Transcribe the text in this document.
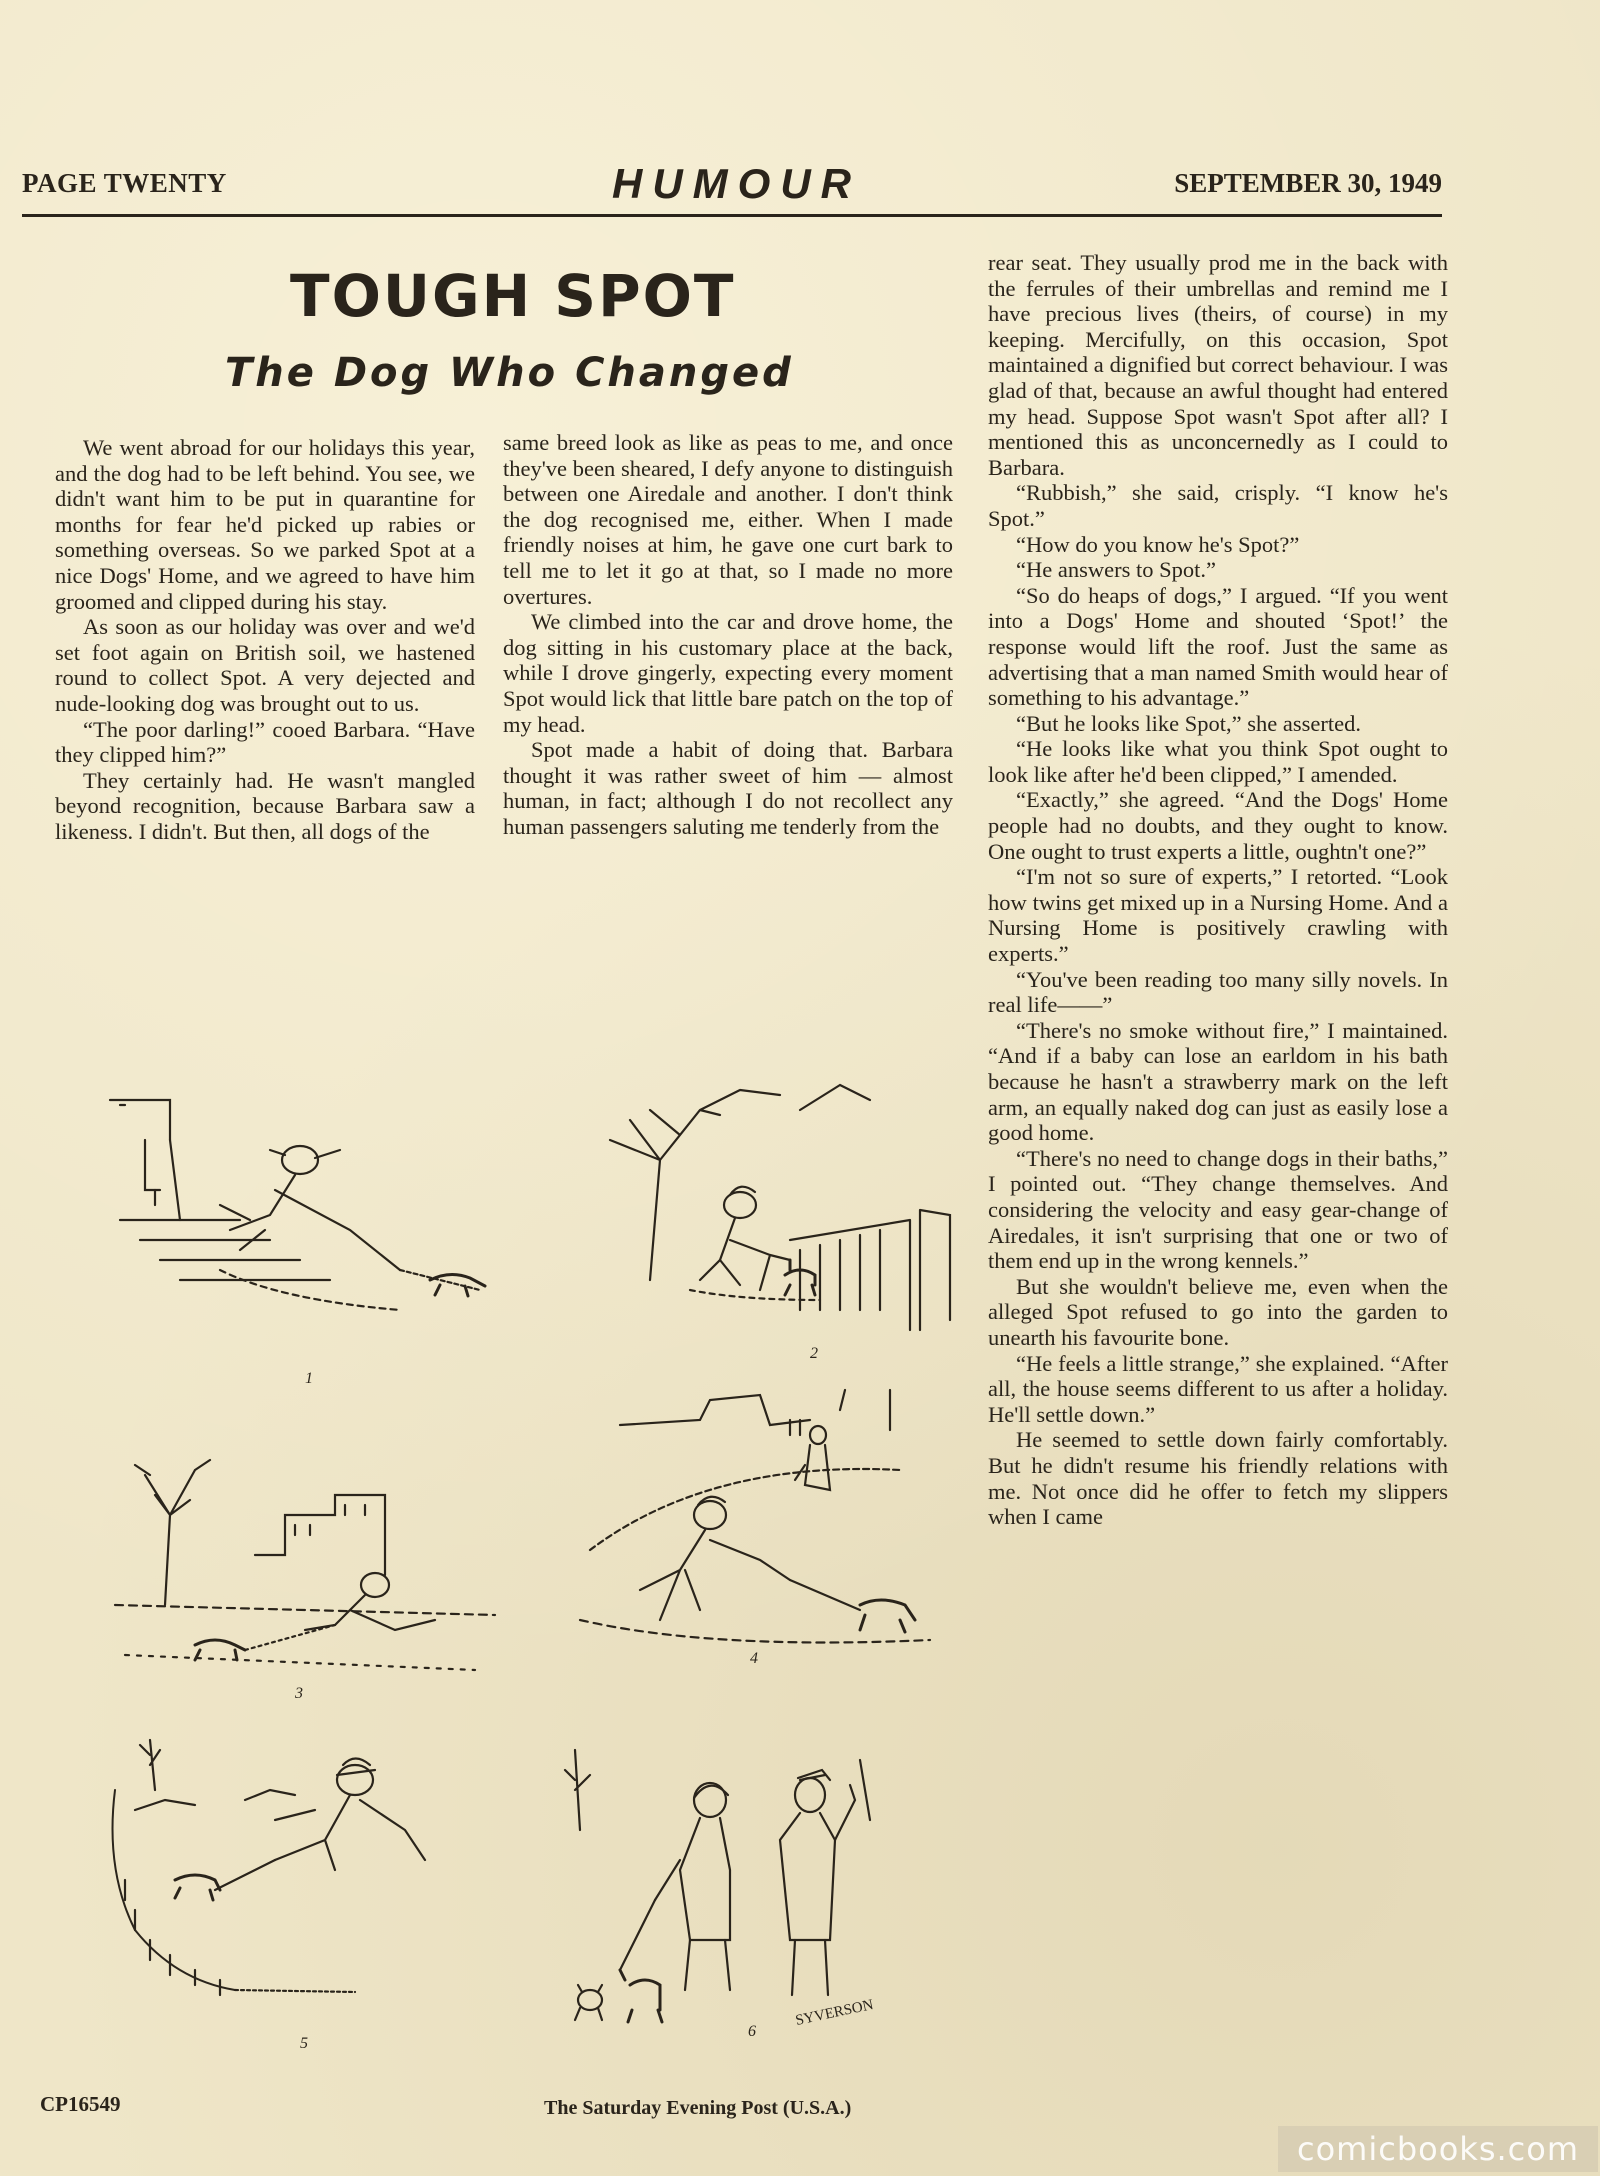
PAGE TWENTY	HUMOUR	SEPTEMBER 30, 1949
TOUGH SPOT
The Dog Who Changed

We went abroad for our holidays this year, and the dog had to be left behind. You see, we didn't want him to be put in quarantine for months for fear he'd picked up rabies or something overseas. So we parked Spot at a nice Dogs' Home, and we agreed to have him groomed and clipped during his stay.

As soon as our holiday was over and we'd set foot again on British soil, we hastened round to collect Spot. A very dejected and nude-looking dog was brought out to us.

“The poor darling!” cooed Barbara. “Have they clipped him?”

They certainly had. He wasn't mangled beyond recognition, because Barbara saw a likeness. I didn't. But then, all dogs of the

same breed look as like as peas to me, and once they've been sheared, I defy anyone to distinguish between one Airedale and another. I don't think the dog recognised me, either. When I made friendly noises at him, he gave one curt bark to tell me to let it go at that, so I made no more overtures.

We climbed into the car and drove home, the dog sitting in his customary place at the back, while I drove gingerly, expecting every moment Spot would lick that little bare patch on the top of my head.

Spot made a habit of doing that. Barbara thought it was rather sweet of him — almost human, in fact; although I do not recollect any human passengers saluting me tenderly from the

rear seat. They usually prod me in the back with the ferrules of their umbrellas and remind me I have precious lives (theirs, of course) in my keeping. Mercifully, on this occasion, Spot maintained a dignified but correct behaviour. I was glad of that, because an awful thought had entered my head. Suppose Spot wasn't Spot after all? I mentioned this as unconcernedly as I could to Barbara.

“Rubbish,” she said, crisply. “I know he's Spot.”

“How do you know he's Spot?”

“He answers to Spot.”

“So do heaps of dogs,” I argued. “If you went into a Dogs' Home and shouted ‘Spot!’ the response would lift the roof. Just the same as advertising that a man named Smith would hear of something to his advantage.”

“But he looks like Spot,” she asserted.

“He looks like what you think Spot ought to look like after he'd been clipped,” I amended.

“Exactly,” she agreed. “And the Dogs' Home people had no doubts, and they ought to know. One ought to trust experts a little, oughtn't one?”

“I'm not so sure of experts,” I retorted. “Look how twins get mixed up in a Nursing Home. And a Nursing Home is positively crawling with experts.”

“You've been reading too many silly novels. In real life——”

“There's no smoke without fire,” I maintained. “And if a baby can lose an earldom in his bath because he hasn't a strawberry mark on the left arm, an equally naked dog can just as easily lose a good home.

“There's no need to change dogs in their baths,” I pointed out. “They change themselves. And considering the velocity and easy gear-change of Airedales, it isn't surprising that one or two of them end up in the wrong kennels.”

But she wouldn't believe me, even when the alleged Spot refused to go into the garden to unearth his favourite bone.

“He feels a little strange,” she explained. “After all, the house seems different to us after a holiday. He'll settle down.”

He seemed to settle down fairly comfortably. But he didn't resume his friendly relations with me. Not once did he offer to fetch my slippers when I came

1
2
3
4
5
6
SYVERSON
CP16549	The Saturday Evening Post (U.S.A.)
comicbooks.com
